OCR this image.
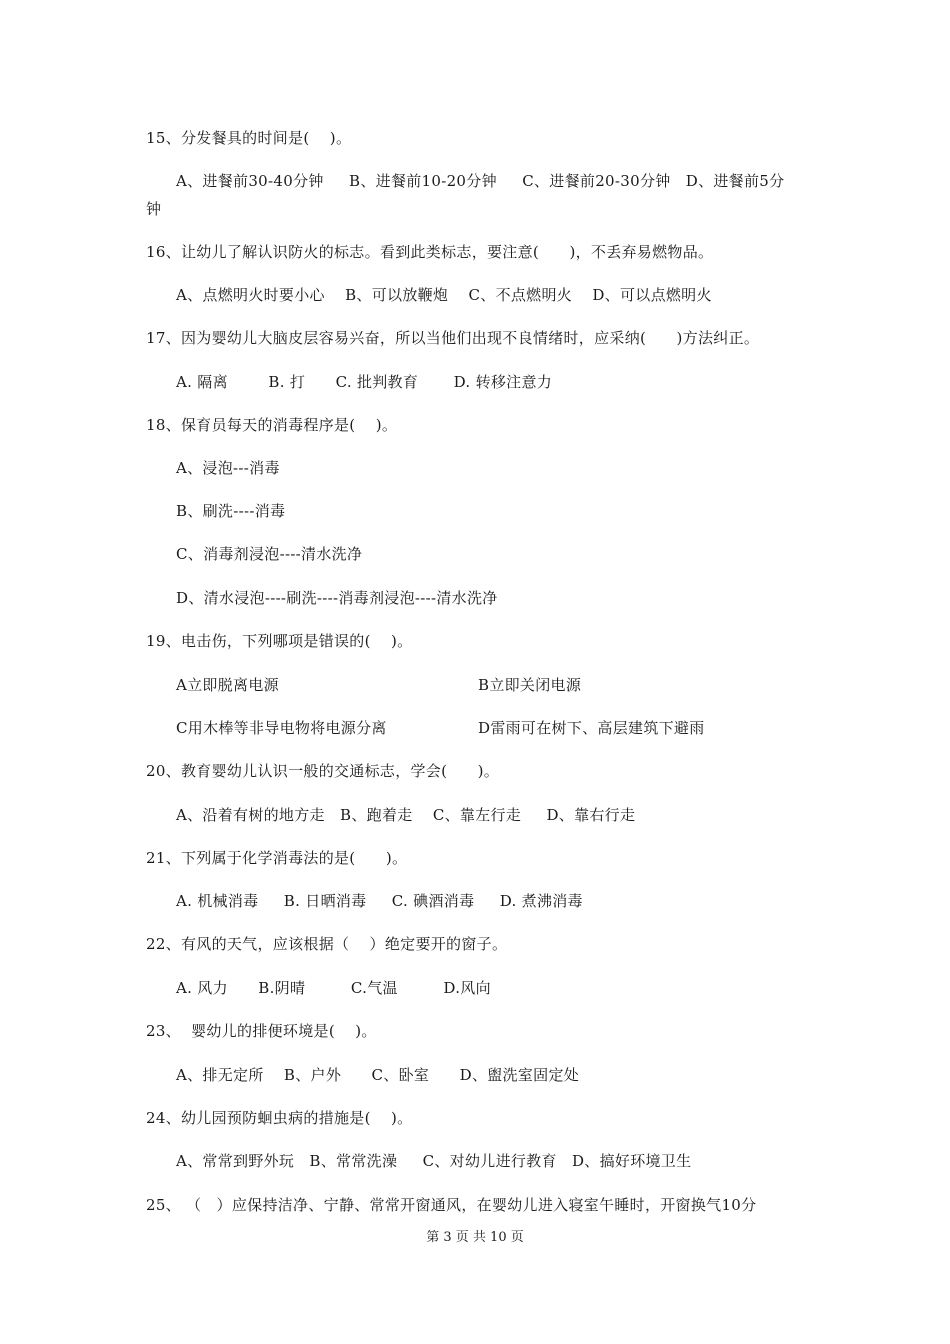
15、分发餐具的时间是(    )。
A、进餐前30-40分钟     B、进餐前10-20分钟     C、进餐前20-30分钟   D、进餐前5分
钟
16、让幼儿了解认识防火的标志。看到此类标志，要注意(      )，不丢弃易燃物品。
A、点燃明火时要小心    B、可以放鞭炮    C、不点燃明火    D、可以点燃明火
17、因为婴幼儿大脑皮层容易兴奋，所以当他们出现不良情绪时，应采纳(      )方法纠正。
A. 隔离        B. 打      C. 批判教育       D. 转移注意力
18、保育员每天的消毒程序是(    )。
A、浸泡---消毒
B、刷洗----消毒
C、消毒剂浸泡----清水洗净
D、清水浸泡----刷洗----消毒剂浸泡----清水洗净
19、电击伤，下列哪项是错误的(    )。
A立即脱离电源	B立即关闭电源
C用木棒等非导电物将电源分离	D雷雨可在树下、高层建筑下避雨
20、教育婴幼儿认识一般的交通标志，学会(      )。
A、沿着有树的地方走   B、跑着走    C、靠左行走     D、靠右行走
21、下列属于化学消毒法的是(      )。
A. 机械消毒     B. 日晒消毒     C. 碘酒消毒     D. 煮沸消毒
22、有风的天气，应该根据（    ）绝定要开的窗子。
A. 风力      B.阴晴         C.气温         D.风向
23、  婴幼儿的排便环境是(    )。
A、排无定所    B、户外      C、卧室      D、盥洗室固定处
24、幼儿园预防蛔虫病的措施是(    )。
A、常常到野外玩   B、常常洗澡     C、对幼儿进行教育   D、搞好环境卫生
25、 （   ）应保持洁净、宁静、常常开窗通风，在婴幼儿进入寝室午睡时，开窗换气10分
第 3 页 共 10 页
